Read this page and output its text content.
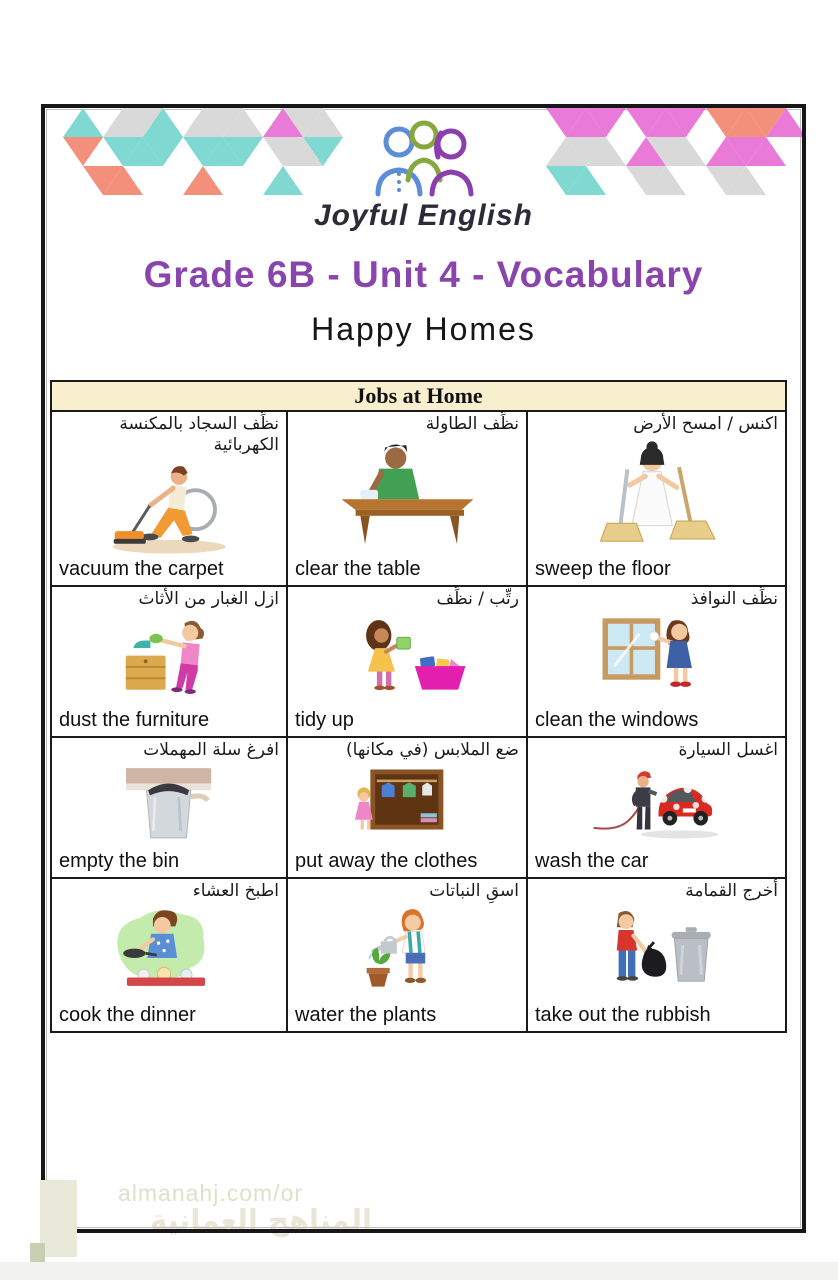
almanahj.com/or
المناهج العمانية
Joyful English
Grade 6B - Unit 4 - Vocabulary
Happy Homes
Jobs at Home
نظِّف السجاد بالمكنسة الكهربائية
vacuum the carpet
نظِّف الطاولة
clear the table
اكنس / امسح الأرض
sweep the floor
ازل الغبار من الأثاث
dust the furniture
رتِّب / نظِّف
tidy up
نظِّف النوافذ
clean the windows
افرغ سلة المهملات
empty the bin
ضع الملابس (في مكانها)
put away the clothes
اغسل السيارة
wash the car
اطبخ العشاء
cook the dinner
اسقِ النباتات
water the plants
أخرج القمامة
take out the rubbish
